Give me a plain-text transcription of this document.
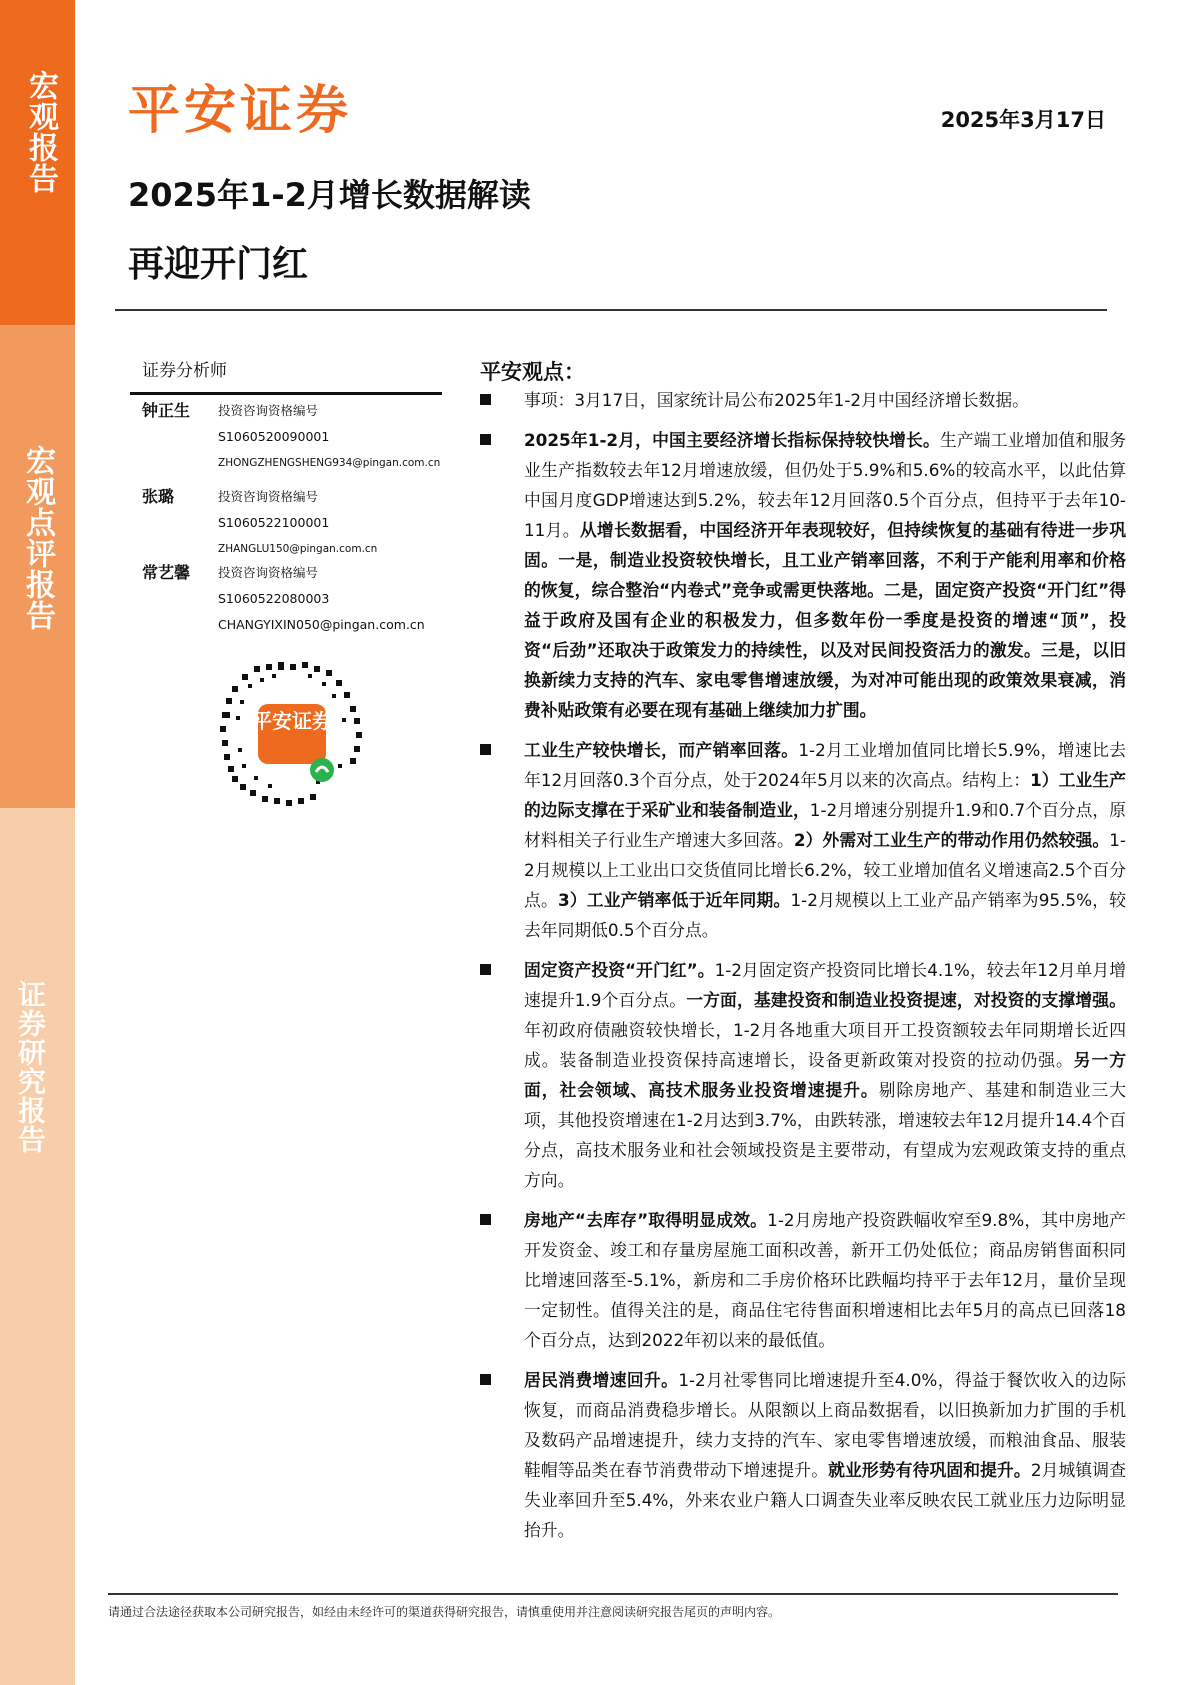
宏观报告
宏观点评报告
证券研究报告
平安证券	2025年3月17日
2025年1-2月增长数据解读
再迎开门红
证券分析师
钟正生	投资咨询资格编号
S1060520090001
ZHONGZHENGSHENG934@pingan.com.cn
张璐	投资咨询资格编号
S1060522100001
ZHANGLU150@pingan.com.cn
常艺馨	投资咨询资格编号
S1060522080003
CHANGYIXIN050@pingan.com.cn
平安证券
平安观点：
事项：3月17日，国家统计局公布2025年1-2月中国经济增长数据。
2025年1-2月，中国主要经济增长指标保持较快增长。生产端工业增加值和服务业生产指数较去年12月增速放缓，但仍处于5.9%和5.6%的较高水平，以此估算中国月度GDP增速达到5.2%，较去年12月回落0.5个百分点，但持平于去年10-11月。从增长数据看，中国经济开年表现较好，但持续恢复的基础有待进一步巩固。一是，制造业投资较快增长，且工业产销率回落，不利于产能利用率和价格的恢复，综合整治“内卷式”竞争或需更快落地。二是，固定资产投资“开门红”得益于政府及国有企业的积极发力，但多数年份一季度是投资的增速“顶”，投资“后劲”还取决于政策发力的持续性，以及对民间投资活力的激发。三是，以旧换新续力支持的汽车、家电零售增速放缓，为对冲可能出现的政策效果衰减，消费补贴政策有必要在现有基础上继续加力扩围。
工业生产较快增长，而产销率回落。1-2月工业增加值同比增长5.9%，增速比去年12月回落0.3个百分点，处于2024年5月以来的次高点。结构上：1）工业生产的边际支撑在于采矿业和装备制造业，1-2月增速分别提升1.9和0.7个百分点，原材料相关子行业生产增速大多回落。2）外需对工业生产的带动作用仍然较强。1-2月规模以上工业出口交货值同比增长6.2%，较工业增加值名义增速高2.5个百分点。3）工业产销率低于近年同期。1-2月规模以上工业产品产销率为95.5%，较去年同期低0.5个百分点。
固定资产投资“开门红”。1-2月固定资产投资同比增长4.1%，较去年12月单月增速提升1.9个百分点。一方面，基建投资和制造业投资提速，对投资的支撑增强。年初政府债融资较快增长，1-2月各地重大项目开工投资额较去年同期增长近四成。装备制造业投资保持高速增长，设备更新政策对投资的拉动仍强。另一方面，社会领域、高技术服务业投资增速提升。剔除房地产、基建和制造业三大项，其他投资增速在1-2月达到3.7%，由跌转涨，增速较去年12月提升14.4个百分点，高技术服务业和社会领域投资是主要带动，有望成为宏观政策支持的重点方向。
房地产“去库存”取得明显成效。1-2月房地产投资跌幅收窄至9.8%，其中房地产开发资金、竣工和存量房屋施工面积改善，新开工仍处低位；商品房销售面积同比增速回落至-5.1%，新房和二手房价格环比跌幅均持平于去年12月，量价呈现一定韧性。值得关注的是，商品住宅待售面积增速相比去年5月的高点已回落18个百分点，达到2022年初以来的最低值。
居民消费增速回升。1-2月社零售同比增速提升至4.0%，得益于餐饮收入的边际恢复，而商品消费稳步增长。从限额以上商品数据看，以旧换新加力扩围的手机及数码产品增速提升，续力支持的汽车、家电零售增速放缓，而粮油食品、服装鞋帽等品类在春节消费带动下增速提升。就业形势有待巩固和提升。2月城镇调查失业率回升至5.4%，外来农业户籍人口调查失业率反映农民工就业压力边际明显抬升。
请通过合法途径获取本公司研究报告，如经由未经许可的渠道获得研究报告，请慎重使用并注意阅读研究报告尾页的声明内容。
